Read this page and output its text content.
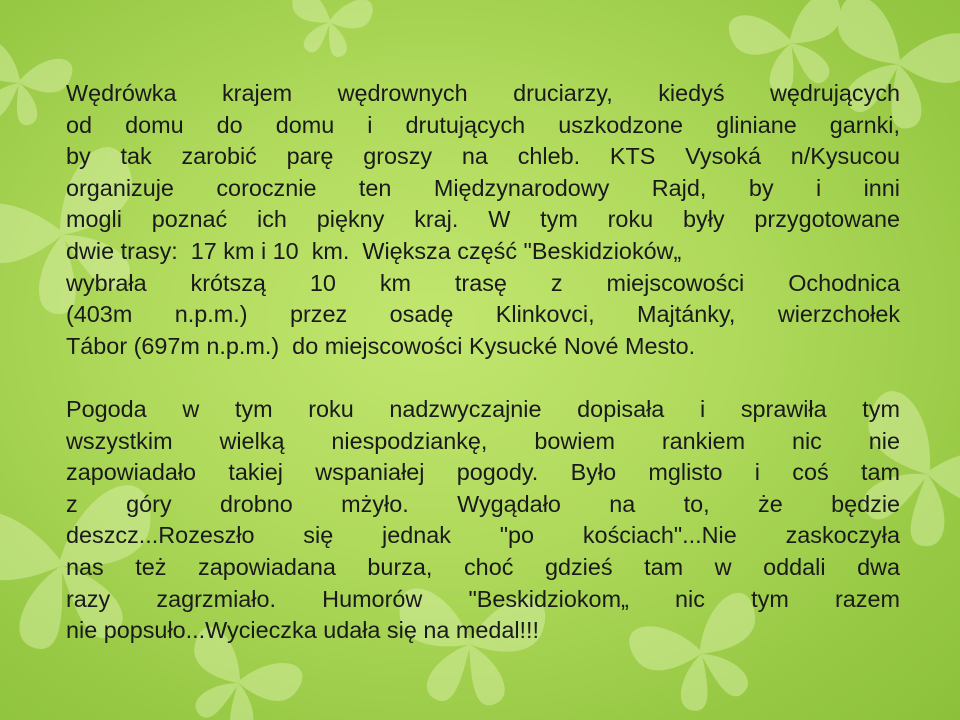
Wędrówka krajem wędrownych druciarzy, kiedyś wędrujących
od domu do domu i drutujących uszkodzone gliniane garnki,
by tak zarobić parę groszy na chleb. KTS Vysoká n/Kysucou
organizuje corocznie ten Międzynarodowy Rajd, by i inni
mogli poznać ich piękny kraj. W tym roku były przygotowane
dwie trasy:  17 km i 10  km.  Większa część "Beskidzioków„
wybrała krótszą 10 km trasę z miejscowości Ochodnica
(403m n.p.m.) przez osadę Klinkovci, Majtánky, wierzchołek
Tábor (697m n.p.m.)  do miejscowości Kysucké Nové Mesto.
Pogoda w tym roku nadzwyczajnie dopisała i sprawiła tym
wszystkim wielką niespodziankę, bowiem rankiem nic nie
zapowiadało takiej wspaniałej pogody. Było mglisto i coś tam
z góry drobno mżyło. Wygądało na to, że będzie
deszcz...Rozeszło się jednak "po kościach"...Nie zaskoczyła
nas też zapowiadana burza, choć gdzieś tam w oddali dwa
razy zagrzmiało. Humorów "Beskidziokom„ nic tym razem
nie popsuło...Wycieczka udała się na medal!!!
